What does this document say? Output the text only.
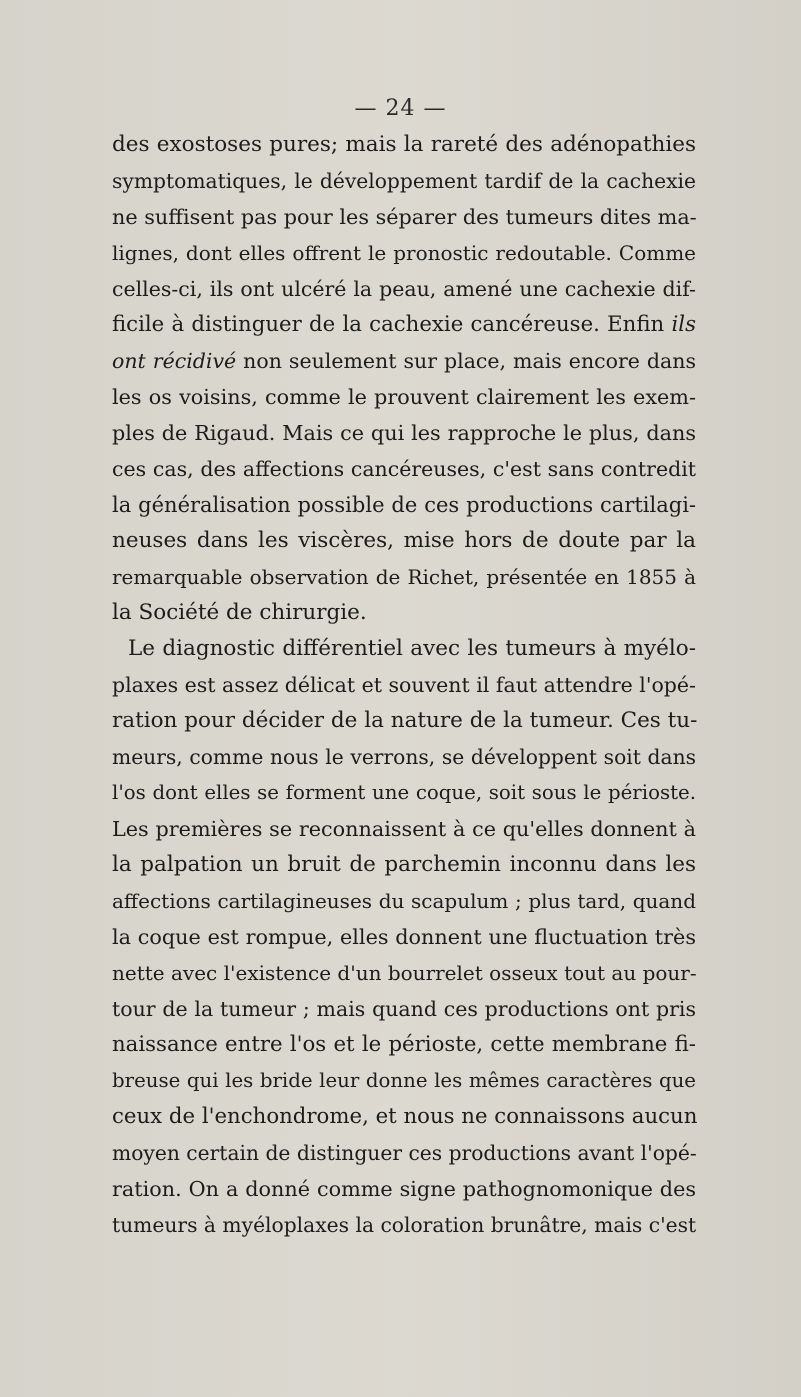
— 24 —
des exostoses pures; mais la rareté des adénopathies
symptomatiques, le développement tardif de la cachexie
ne suffisent pas pour les séparer des tumeurs dites ma-
lignes, dont elles offrent le pronostic redoutable. Comme
celles-ci, ils ont ulcéré la peau, amené une cachexie dif-
ficile à distinguer de la cachexie cancéreuse. Enfin ils
ont récidivé non seulement sur place, mais encore dans
les os voisins, comme le prouvent clairement les exem-
ples de Rigaud. Mais ce qui les rapproche le plus, dans
ces cas, des affections cancéreuses, c'est sans contredit
la généralisation possible de ces productions cartilagi-
neuses dans les viscères, mise hors de doute par la
remarquable observation de Richet, présentée en 1855 à
la Société de chirurgie.
Le diagnostic différentiel avec les tumeurs à myélo-
plaxes est assez délicat et souvent il faut attendre l'opé-
ration pour décider de la nature de la tumeur. Ces tu-
meurs, comme nous le verrons, se développent soit dans
l'os dont elles se forment une coque, soit sous le périoste.
Les premières se reconnaissent à ce qu'elles donnent à
la palpation un bruit de parchemin inconnu dans les
affections cartilagineuses du scapulum ; plus tard, quand
la coque est rompue, elles donnent une fluctuation très
nette avec l'existence d'un bourrelet osseux tout au pour-
tour de la tumeur ; mais quand ces productions ont pris
naissance entre l'os et le périoste, cette membrane fi-
breuse qui les bride leur donne les mêmes caractères que
ceux de l'enchondrome, et nous ne connaissons aucun
moyen certain de distinguer ces productions avant l'opé-
ration. On a donné comme signe pathognomonique des
tumeurs à myéloplaxes la coloration brunâtre, mais c'est
